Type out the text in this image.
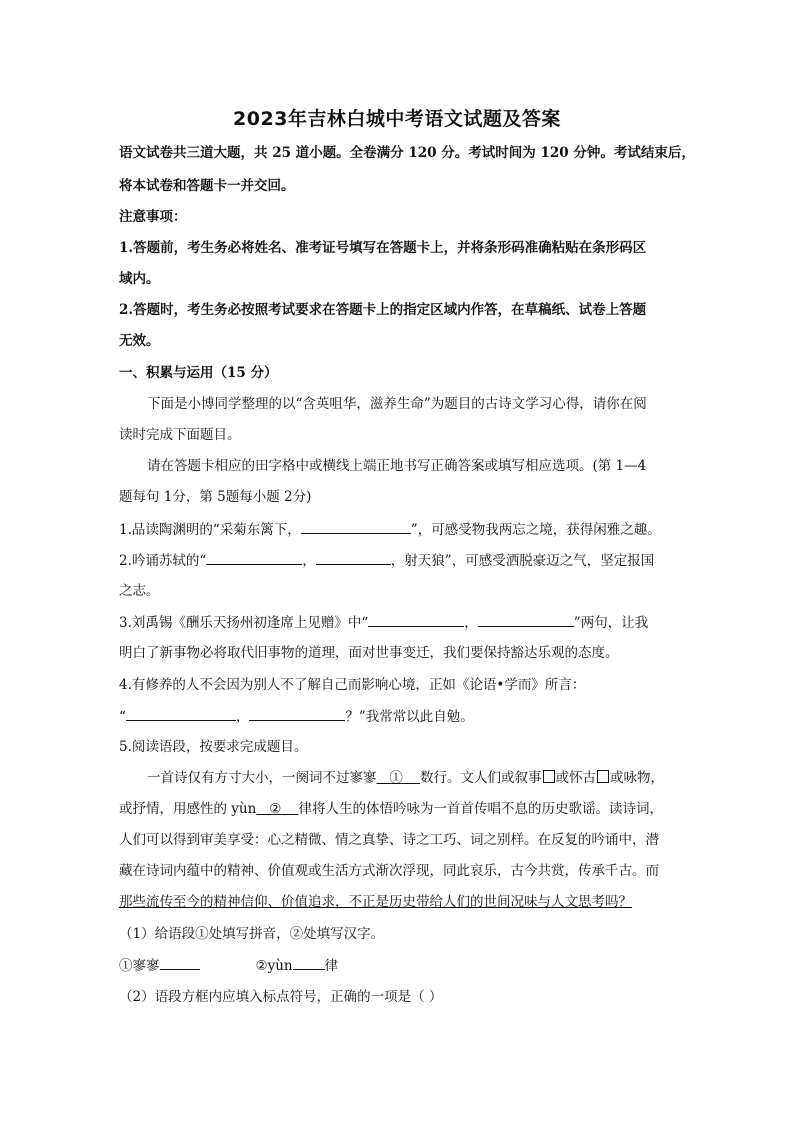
2023年吉林白城中考语文试题及答案
语文试卷共三道大题，共 25 道小题。全卷满分 120 分。考试时间为 120 分钟。考试结束后，
将本试卷和答题卡一并交回。
注意事项：
1.答题前，考生务必将姓名、准考证号填写在答题卡上，并将条形码准确粘贴在条形码区
域内。
2.答题时，考生务必按照考试要求在答题卡上的指定区域内作答，在草稿纸、试卷上答题
无效。
一、积累与运用（15 分）
下面是小博同学整理的以“含英咀华，滋养生命”为题目的古诗文学习心得，请你在阅
读时完成下面题目。
请在答题卡相应的田字格中或横线上端正地书写正确答案或填写相应选项。(第 1—4
题每句 1分，第 5题每小题 2分)
1.品读陶渊明的“采菊东篱下，	”，可感受物我两忘之境，获得闲雅之趣。
2.吟诵苏轼的“	，	，射天狼”，可感受洒脱豪迈之气，坚定报国
之志。
3.刘禹锡《酬乐天扬州初逢席上见赠》中“	，	”两句，让我
明白了新事物必将取代旧事物的道理，面对世事变迁，我们要保持豁达乐观的态度。
4.有修养的人不会因为别人不了解自己而影响心境，正如《论语•学而》所言：
“	，	？”我常常以此自勉。
5.阅读语段，按要求完成题目。
一首诗仅有方寸大小，一阕词不过寥寥 ① 数行。文人们或叙事 或怀古 或咏物，
或抒情，用感性的 yùn ② 律将人生的体悟吟咏为一首首传唱不息的历史歌谣。读诗词，
人们可以得到审美享受：心之精微、情之真挚、诗之工巧、词之别样。在反复的吟诵中，潜
藏在诗词内蕴中的精神、价值观或生活方式渐次浮现，同此哀乐，古今共赏，传承千古。而
那些流传至今的精神信仰、价值追求，不正是历史带给人们的世间况味与人文思考吗？
（1）给语段①处填写拼音，②处填写汉字。
①寥寥	②yùn 律
（2）语段方框内应填入标点符号，正确的一项是（ ）
